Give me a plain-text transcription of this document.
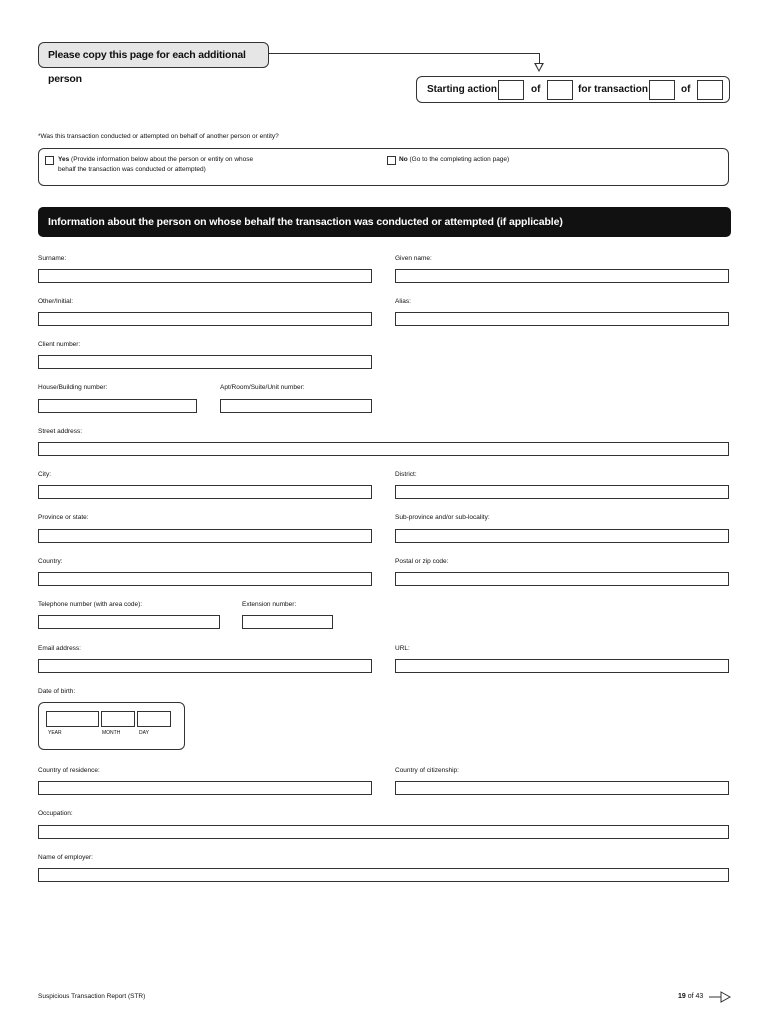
Please copy this page for each additional person
Starting action	of	for transaction	of
*Was this transaction conducted or attempted on behalf of another person or entity?
Yes (Provide information below about the person or entity on whose
behalf the transaction was conducted or attempted)
No (Go to the completing action page)
Information about the person on whose behalf the transaction was conducted or attempted (if applicable)
Surname:	Given name:
Other/Initial:	Alias:
Client number:
House/Building number:	Apt/Room/Suite/Unit number:
Street address:
City:	District:
Province or state:	Sub-province and/or sub-locality:
Country:	Postal or zip code:
Telephone number (with area code):	Extension number:
Email address:	URL:
Date of birth:
YEAR	MONTH	DAY
Country of residence:	Country of citizenship:
Occupation:
Name of employer:
Suspicious Transaction Report (STR)	19 of 43
